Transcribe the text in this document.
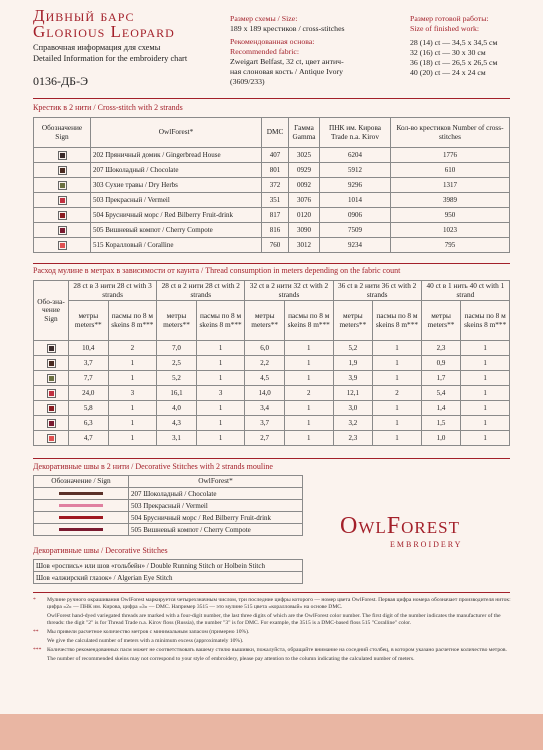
Дивный барс
Glorious Leopard
Справочная информация для схемы
Detailed Information for the embroidery chart
0136-ДБ-Э
Размер схемы / Size:
189 x 189 крестиков / cross-stitches
Рекомендованная основа:
Recommended fabric:
Zweigart Belfast, 32 ct, цвет антич-
ная слоновая кость / Antique Ivory
(3609/233)
Размер готовой работы:
Size of finished work:
28 (14) ct — 34,5 x 34,5 см
32 (16) ct — 30 x 30 см
36 (18) ct — 26,5 x 26,5 см
40 (20) ct — 24 x 24 см
Крестик в 2 нити / Cross-stitch with 2 strands
Обозначение Sign	OwlForest*	DMC	Гамма Gamma	ПНК им. Кирова Trade n.a. Kirov	Кол-во крестиков Number of cross-stitches

	202 Пряничный домик / Gingerbread House	407	3025	6204	1776

	207 Шоколадный / Chocolate	801	0929	5912	610

	303 Сухие травы / Dry Herbs	372	0092	9296	1317

	503 Прекрасный / Vermeil	351	3076	1014	3989

	504 Брусничный морс / Red Bilberry Fruit-drink	817	0120	0906	950

	505 Вишневый компот / Cherry Compote	816	3090	7509	1023

	515 Коралловый / Coralline	760	3012	9234	795
Расход мулине в метрах в зависимости от каунта / Thread consumption in meters depending on the fabric count
Обо-зна-чение Sign	28 ct в 3 нити 28 ct with 3 strands		28 ct в 2 нити 28 ct with 2 strands		32 ct в 2 нити 32 ct with 2 strands		36 ct в 2 нити 36 ct with 2 strands		40 ct в 1 нить 40 ct with 1 strand	
	метры meters**	пасмы по 8 м skeins 8 m***	метры meters**	пасмы по 8 м skeins 8 m***	метры meters**	пасмы по 8 м skeins 8 m***	метры meters**	пасмы по 8 м skeins 8 m***	метры meters**	пасмы по 8 м skeins 8 m***

	10,4	2	7,0	1	6,0	1	5,2	1	2,3	1

	3,7	1	2,5	1	2,2	1	1,9	1	0,9	1

	7,7	1	5,2	1	4,5	1	3,9	1	1,7	1

	24,0	3	16,1	3	14,0	2	12,1	2	5,4	1

	5,8	1	4,0	1	3,4	1	3,0	1	1,4	1

	6,3	1	4,3	1	3,7	1	3,2	1	1,5	1

	4,7	1	3,1	1	2,7	1	2,3	1	1,0	1
Декоративные швы в 2 нити / Decorative Stitches with 2 strands mouline
Обозначение / Sign	OwlForest*
	207 Шоколадный / Chocolate
	503 Прекрасный / Vermeil
	504 Брусничный морс / Red Bilberry Fruit-drink
	505 Вишневый компот / Cherry Compote	OwlForest
EMBROIDERY
Декоративные швы / Decorative Stitches
Шов «роспись» или шов «гольбейн» / Double Running Stitch or Holbein Stitch
Шов «алжирский глазок» / Algerian Eye Stitch
*	Мулине ручного окрашивания OwlForest маркируется четырехзначным числом, три последние цифры которого — номер цвета OwlForest. Первая цифра номера обозначает производителя ниток: цифра «2» — ПНК им. Кирова, цифра «3» — DMC. Например 3515 — это мулине 515 цвета «коралловый» на основе DMC.
OwlForest hand-dyed variegated threads are marked with a four-digit number, the last three digits of which are the OwlForest color number. The first digit of the number indicates the manufacturer of the threads: the digit "2" is for Thread Trade n.a. Kirov floss (Russia), the number "3" is for DMC. For example, the 3515 is a DMC-based floss 515 "Coralline" color.
**	Мы привели расчетное количество метров с минимальным запасом (примерно 10%).
We give the calculated number of meters with a minimum excess (approximately 10%).
***	Количество рекомендованных пасм может не соответствовать вашему стилю вышивки, пожалуйста, обращайте внимание на соседний столбец, в котором указано расчетное количество метров.
The number of recommended skeins may not correspond to your style of embroidery, please pay attention to the column indicating the calculated number of meters.
